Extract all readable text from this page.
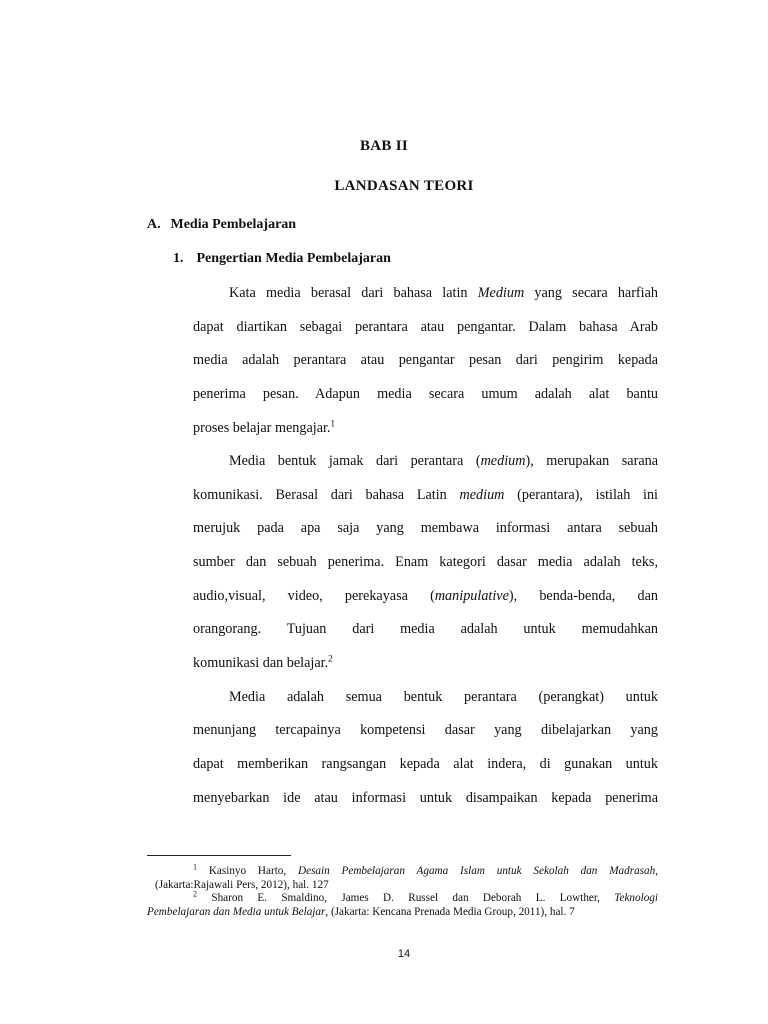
BAB II
LANDASAN TEORI
A. Media Pembelajaran
1. Pengertian Media Pembelajaran
Kata media berasal dari bahasa latin Medium yang secara harfiah
dapat diartikan sebagai perantara atau pengantar. Dalam bahasa Arab
media adalah perantara atau pengantar pesan dari pengirim kepada
penerima pesan. Adapun media secara umum adalah alat bantu
proses belajar mengajar.$^1$
Media bentuk jamak dari perantara (medium), merupakan sarana
komunikasi. Berasal dari bahasa Latin medium (perantara), istilah ini
merujuk pada apa saja yang membawa informasi antara sebuah
sumber dan sebuah penerima. Enam kategori dasar media adalah teks,
audio,visual, video, perekayasa (manipulative), benda-benda, dan
orangorang. Tujuan dari media adalah untuk memudahkan
komunikasi dan belajar.$^2$
Media adalah semua bentuk perantara (perangkat) untuk
menunjang tercapainya kompetensi dasar yang dibelajarkan yang
dapat memberikan rangsangan kepada alat indera, di gunakan untuk
menyebarkan ide atau informasi untuk disampaikan kepada penerima
$^1$ Kasinyo Harto, Desain Pembelajaran Agama Islam untuk Sekolah dan Madrasah,
(Jakarta:Rajawali Pers, 2012), hal. 127
$^2$ Sharon E. Smaldino, James D. Russel dan Deborah L. Lowther, Teknologi
Pembelajaran dan Media untuk Belajar, (Jakarta: Kencana Prenada Media Group, 2011), hal. 7
14
